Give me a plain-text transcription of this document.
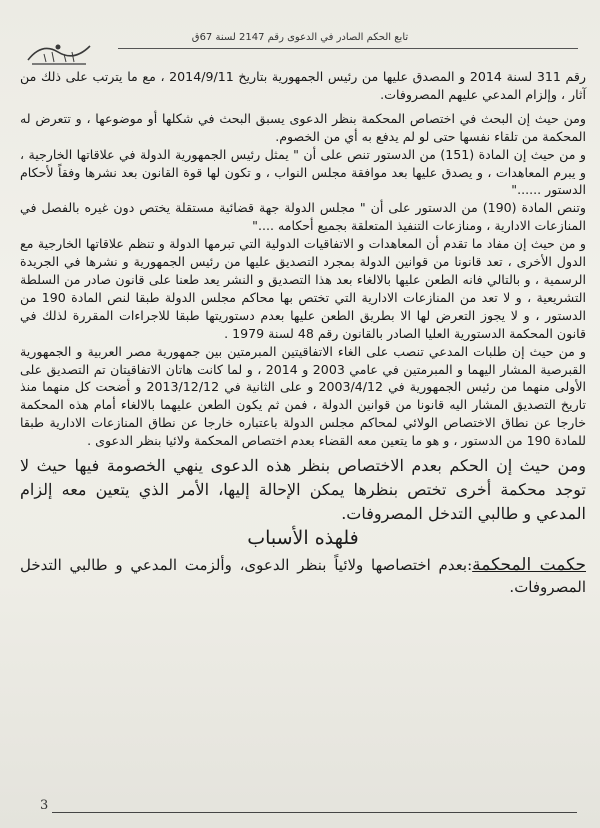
تابع الحكم الصادر في الدعوى رقم 2147 لسنة 67ق

رقم 311 لسنة 2014 و المصدق عليها من رئيس الجمهورية بتاريخ 2014/9/11 ، مع ما يترتب على ذلك من آثار ، وإلزام المدعي عليهم المصروفات.

ومن حيث إن البحث في اختصاص المحكمة بنظر الدعوى يسبق البحث في شكلها أو موضوعها ، و تتعرض له المحكمة من تلقاء نفسها حتى لو لم يدفع به أي من الخصوم.

و من حيث إن المادة (151) من الدستور تنص على أن " يمثل رئيس الجمهورية الدولة في علاقاتها الخارجية ، و يبرم المعاهدات ، و يصدق عليها بعد موافقة مجلس النواب ، و تكون لها قوة القانون بعد نشرها وفقاً لأحكام الدستور ......"

وتنص المادة (190) من الدستور على أن " مجلس الدولة جهة قضائية مستقلة يختص دون غيره بالفصل في المنازعات الادارية ، ومنازعات التنفيذ المتعلقة بجميع أحكامه ...."

و من حيث إن مفاد ما تقدم أن المعاهدات و الاتفاقيات الدولية التي تبرمها الدولة و تنظم علاقاتها الخارجية مع الدول الأخرى ، تعد قانونا من قوانين الدولة بمجرد التصديق عليها من رئيس الجمهورية و نشرها في الجريدة الرسمية ، و بالتالي فانه الطعن عليها بالالغاء بعد هذا التصديق و النشر يعد طعنا على قانون صادر من السلطة التشريعية ، و لا تعد من المنازعات الادارية التي تختص بها محاكم مجلس الدولة طبقا لنص المادة 190 من الدستور ، و لا يجوز التعرض لها الا بطريق الطعن عليها بعدم دستوريتها طبقا للاجراءات المقررة لذلك في قانون المحكمة الدستورية العليا الصادر بالقانون رقم 48 لسنة 1979 .

و من حيث إن طلبات المدعي تنصب على الغاء الاتفاقيتين المبرمتين بين جمهورية مصر العربية و الجمهورية القبرصية المشار اليهما و المبرمتين في عامي 2003 و 2014 ، و لما كانت هاتان الاتفاقيتان تم التصديق على الأولى منهما من رئيس الجمهورية في 2003/4/12 و على الثانية في 2013/12/12 و أضحت كل منهما منذ تاريخ التصديق المشار اليه قانونا من قوانين الدولة ، فمن ثم يكون الطعن عليهما بالالغاء أمام هذه المحكمة خارجا عن نطاق الاختصاص الولائي لمحاكم مجلس الدولة باعتباره خارجا عن نطاق المنازعات الادارية طبقا للمادة 190 من الدستور ، و هو ما يتعين معه القضاء بعدم اختصاص المحكمة ولائيا بنظر الدعوى .

ومن حيث إن الحكم بعدم الاختصاص بنظر هذه الدعوى ينهي الخصومة فيها حيث لا توجد محكمة أخرى تختص بنظرها يمكن الإحالة إليها، الأمر الذي يتعين معه إلزام المدعي و طالبي التدخل المصروفات.
فلهذه الأسباب
حكمت المحكمة:بعدم اختصاصها ولائياً بنظر الدعوى، وألزمت المدعي و طالبي التدخل المصروفات.
3
